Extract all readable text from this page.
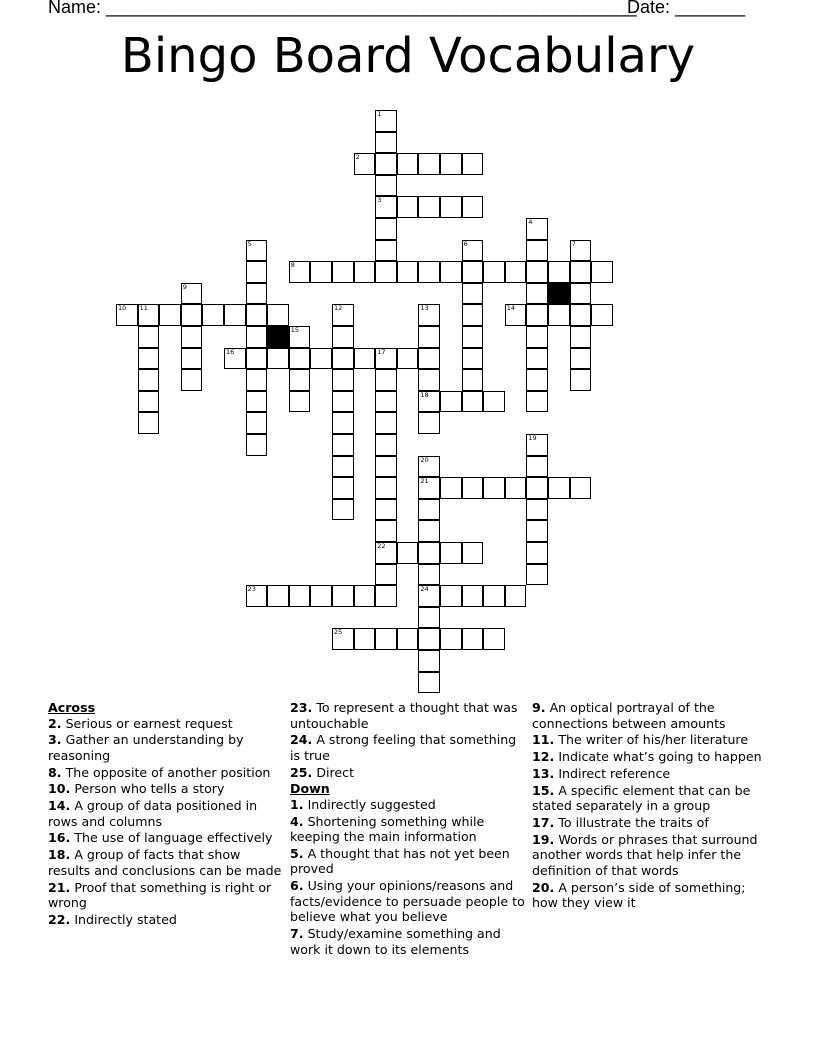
Name: _____________________________________________________
Date: _______
Bingo Board Vocabulary
1
3
2
4
5	6	7
8
9
10 11	12	13
18
14
15
16	17
22
19
20
21
24
23
25

Across

2. Serious or earnest request

3. Gather an understanding by reasoning

8. The opposite of another position

10. Person who tells a story

14. A group of data positioned in rows and columns

16. The use of language effectively

18. A group of facts that show results and conclusions can be made

21. Proof that something is right or wrong

22. Indirectly stated

23. To represent a thought that was untouchable

24. A strong feeling that something is true

25. Direct

Down

1. Indirectly suggested

4. Shortening something while keeping the main information

5. A thought that has not yet been proved

6. Using your opinions/reasons and facts/evidence to persuade people to believe what you believe

7. Study/examine something and work it down to its elements

9. An optical portrayal of the connections between amounts

11. The writer of his/her literature

12. Indicate what’s going to happen

13. Indirect reference

15. A specific element that can be stated separately in a group

17. To illustrate the traits of

19. Words or phrases that surround another words that help infer the definition of that words

20. A person’s side of something; how they view it
